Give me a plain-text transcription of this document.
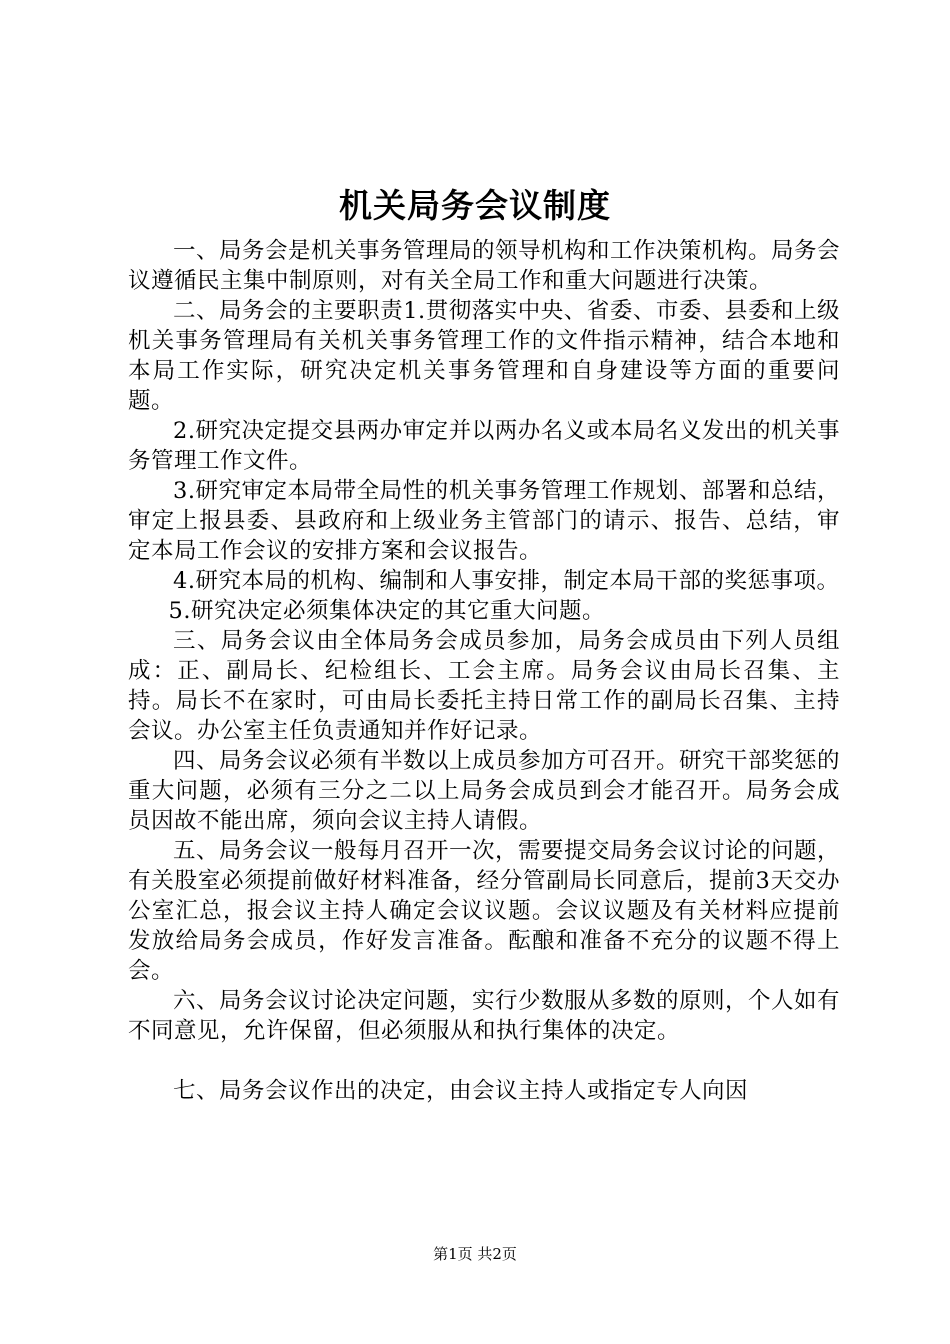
机关局务会议制度

一、局务会是机关事务管理局的领导机构和工作决策机构。局务会议遵循民主集中制原则，对有关全局工作和重大问题进行决策。

二、局务会的主要职责1.贯彻落实中央、省委、市委、县委和上级机关事务管理局有关机关事务管理工作的文件指示精神，结合本地和本局工作实际，研究决定机关事务管理和自身建设等方面的重要问题。

2.研究决定提交县两办审定并以两办名义或本局名义发出的机关事务管理工作文件。

3.研究审定本局带全局性的机关事务管理工作规划、部署和总结，审定上报县委、县政府和上级业务主管部门的请示、报告、总结，审定本局工作会议的安排方案和会议报告。

4.研究本局的机构、编制和人事安排，制定本局干部的奖惩事项。

5.研究决定必须集体决定的其它重大问题。

三、局务会议由全体局务会成员参加，局务会成员由下列人员组成：正、副局长、纪检组长、工会主席。局务会议由局长召集、主持。局长不在家时，可由局长委托主持日常工作的副局长召集、主持会议。办公室主任负责通知并作好记录。

四、局务会议必须有半数以上成员参加方可召开。研究干部奖惩的重大问题，必须有三分之二以上局务会成员到会才能召开。局务会成员因故不能出席，须向会议主持人请假。

五、局务会议一般每月召开一次，需要提交局务会议讨论的问题，有关股室必须提前做好材料准备，经分管副局长同意后，提前3天交办公室汇总，报会议主持人确定会议议题。会议议题及有关材料应提前发放给局务会成员，作好发言准备。酝酿和准备不充分的议题不得上会。

六、局务会议讨论决定问题，实行少数服从多数的原则，个人如有不同意见，允许保留，但必须服从和执行集体的决定。

七、局务会议作出的决定，由会议主持人或指定专人向因

第1页 共2页
